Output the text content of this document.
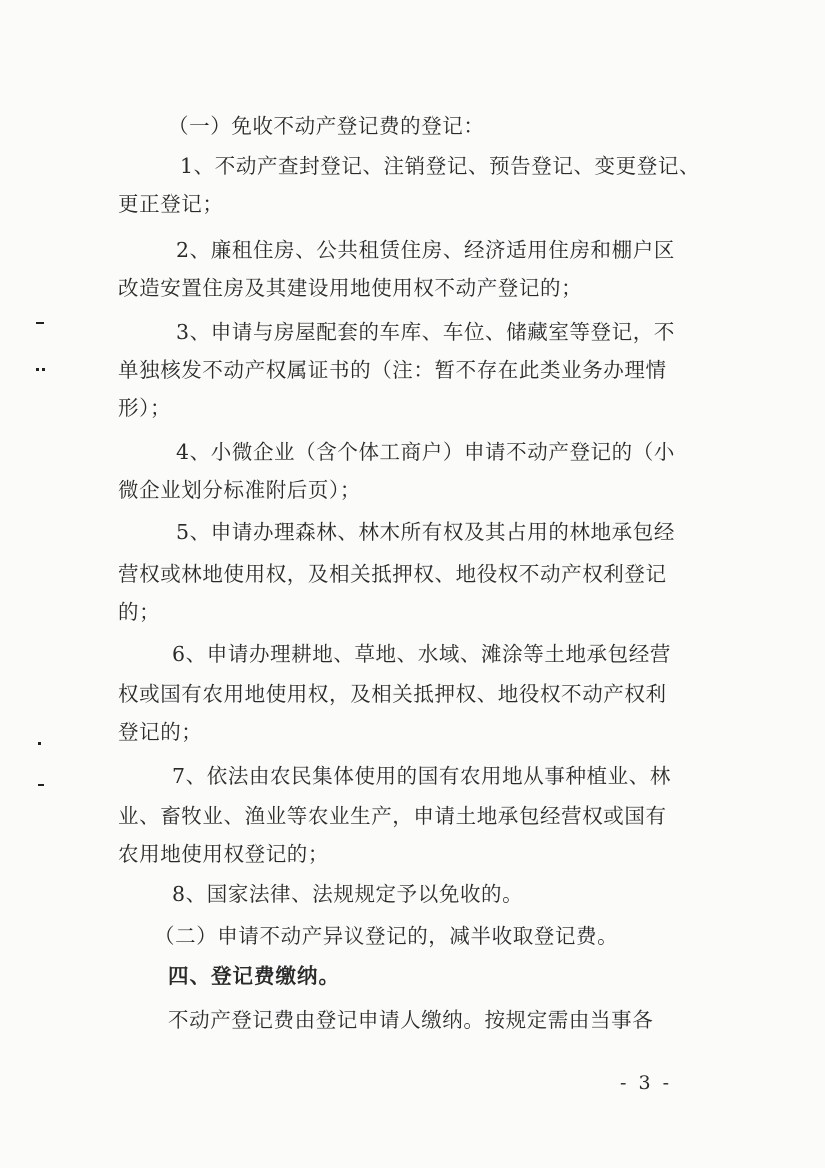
（一）免收不动产登记费的登记：
1、不动产查封登记、注销登记、预告登记、变更登记、
更正登记；
2、廉租住房、公共租赁住房、经济适用住房和棚户区
改造安置住房及其建设用地使用权不动产登记的；
3、申请与房屋配套的车库、车位、储藏室等登记，不
单独核发不动产权属证书的（注：暂不存在此类业务办理情
形）；
4、小微企业（含个体工商户）申请不动产登记的（小
微企业划分标准附后页）；
5、申请办理森林、林木所有权及其占用的林地承包经
营权或林地使用权，及相关抵押权、地役权不动产权利登记
的；
6、申请办理耕地、草地、水域、滩涂等土地承包经营
权或国有农用地使用权，及相关抵押权、地役权不动产权利
登记的；
7、依法由农民集体使用的国有农用地从事种植业、林
业、畜牧业、渔业等农业生产，申请土地承包经营权或国有
农用地使用权登记的；
8、国家法律、法规规定予以免收的。
（二）申请不动产异议登记的，减半收取登记费。
四、登记费缴纳。
不动产登记费由登记申请人缴纳。按规定需由当事各
- 3 -
